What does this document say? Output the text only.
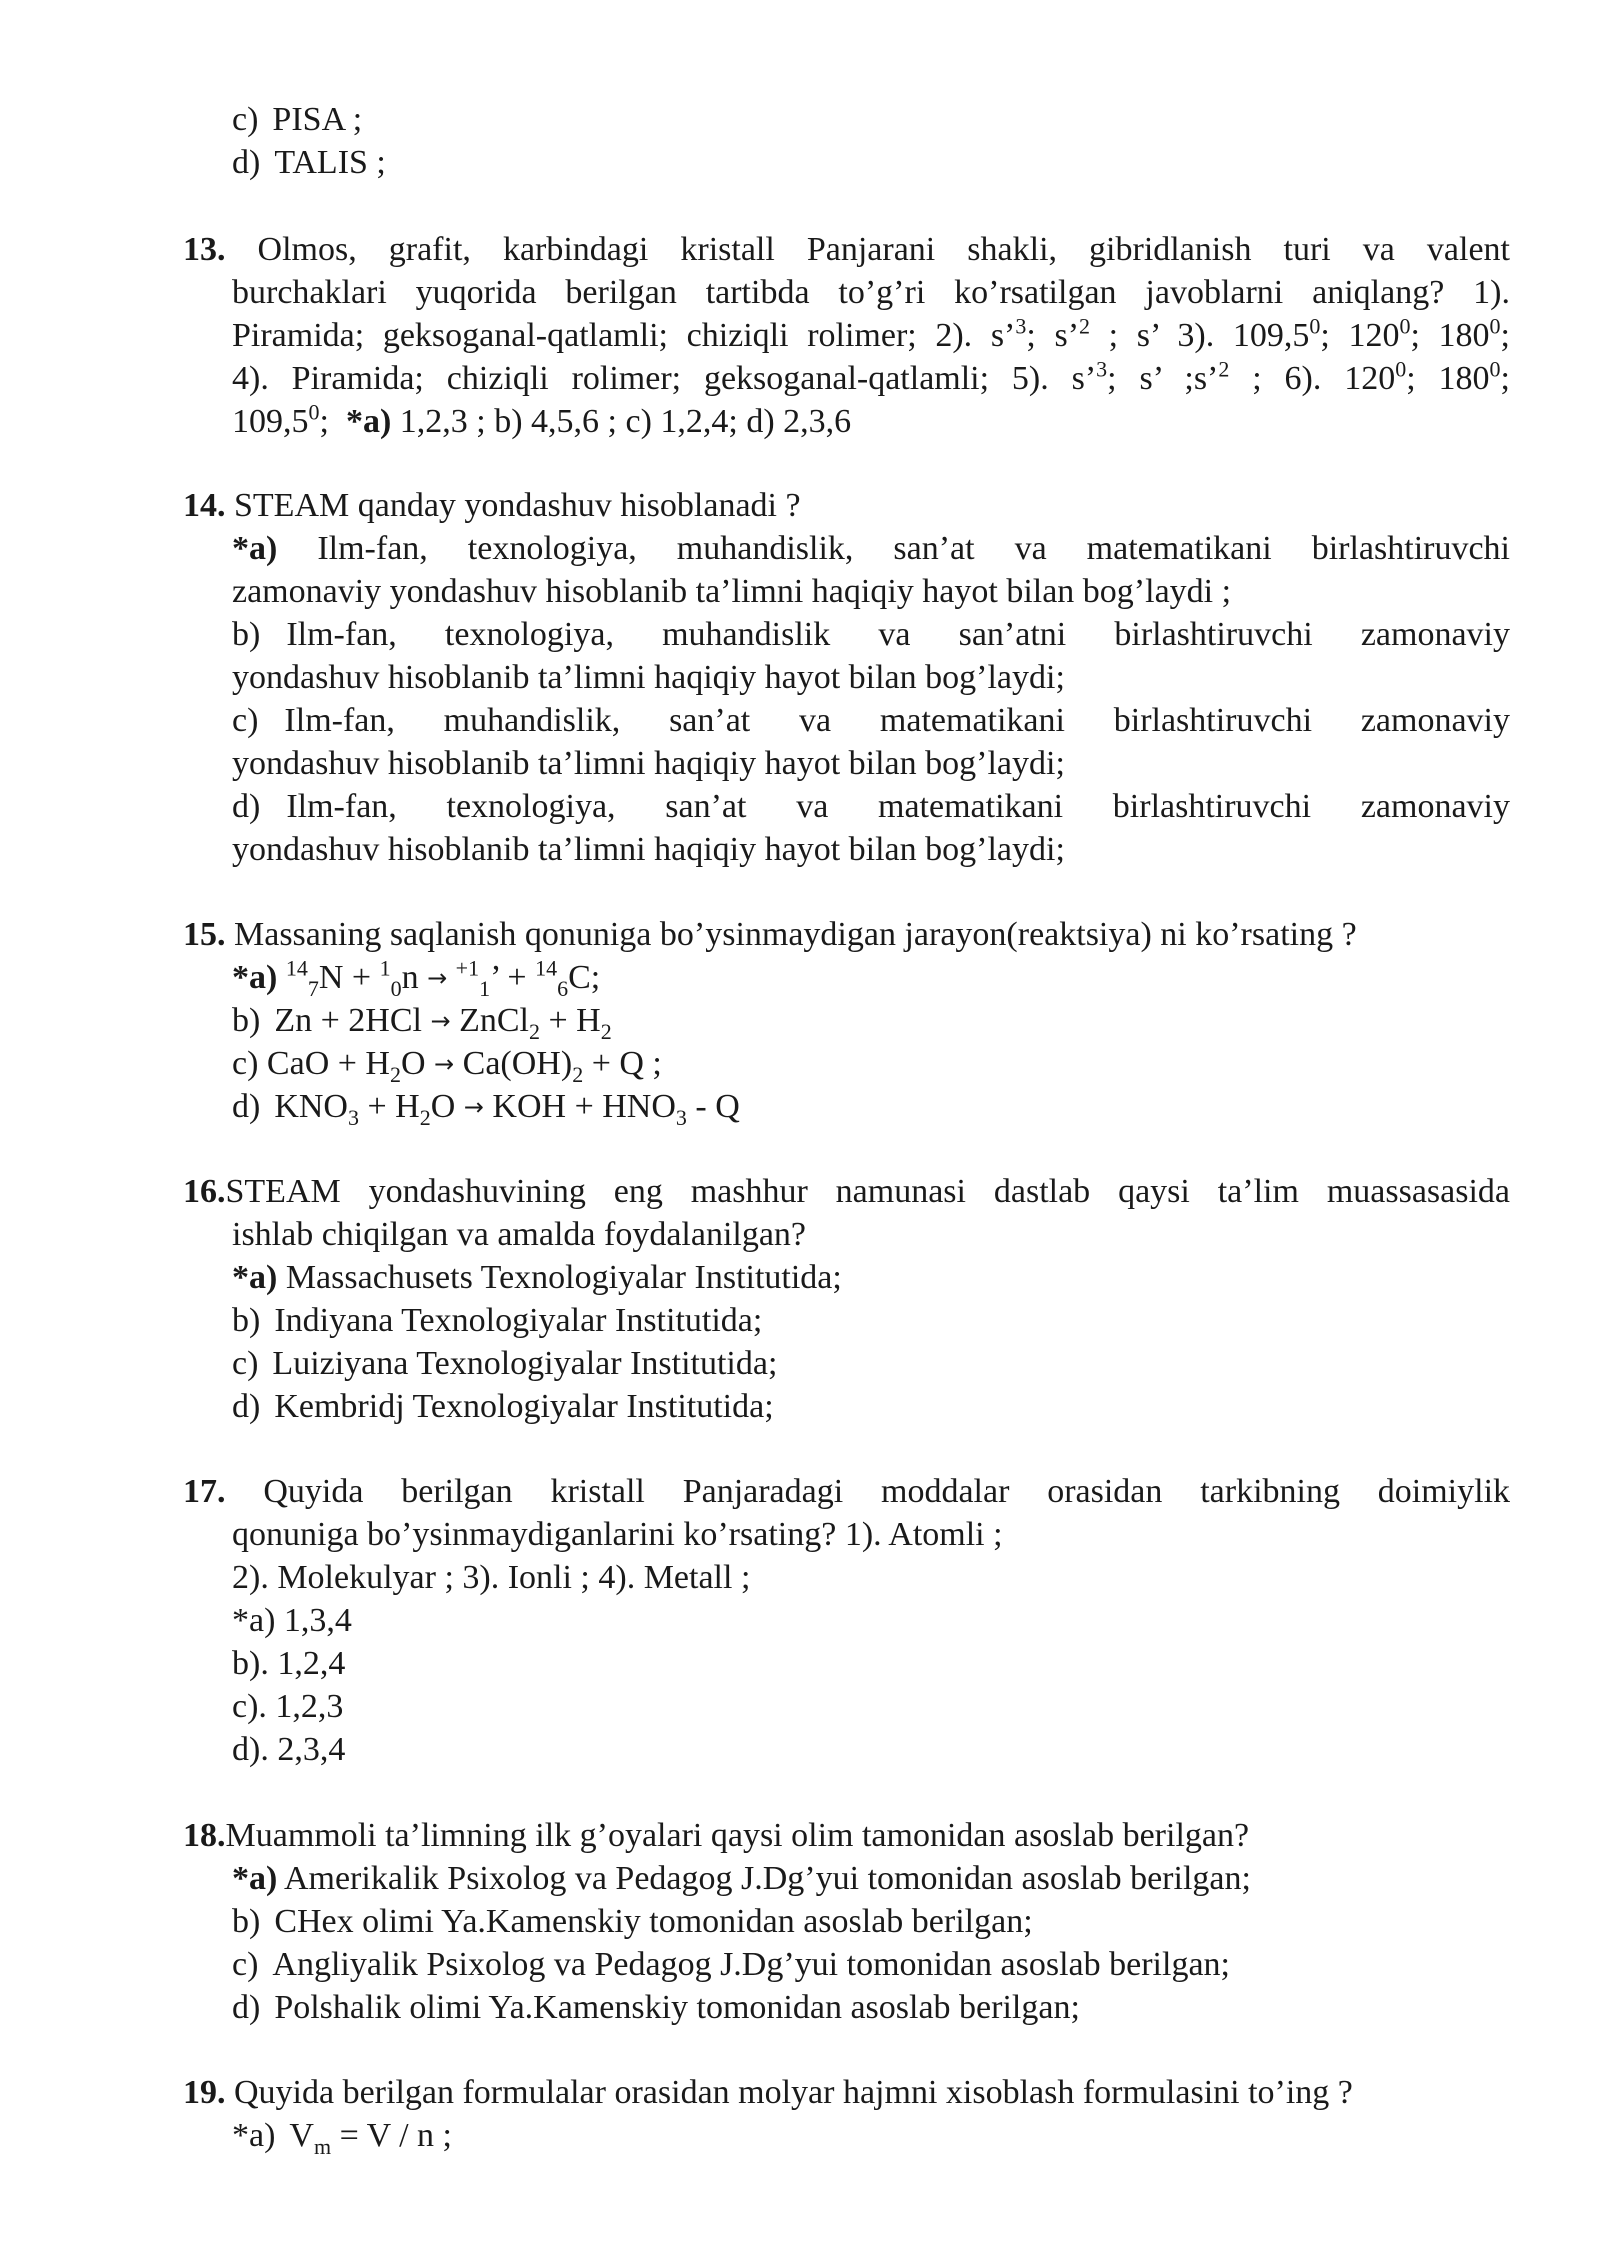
c) PISA ;
d) TALIS ;
13. Olmos, grafit, karbindagi kristall Panjarani shakli, gibridlanish turi va valent
burchaklari yuqorida berilgan tartibda to’g’ri ko’rsatilgan javoblarni aniqlang? 1).
Piramida; geksoganal-qatlamli; chiziqli rolimer; 2). s’$^3$; s’$^2$ ; s’ 3). 109,5$^0$; $120^0$; $180^0$;
4). Piramida; chiziqli rolimer; geksoganal-qatlamli; 5). s’$^3$; s’ ;s’$^2$ ; 6). $120^0$; $180^0$;
109,5$^0$; *a) 1,2,3 ; b) 4,5,6 ; c) 1,2,4; d) 2,3,6
14. STEAM qanday yondashuv hisoblanadi ?
*a) Ilm-fan, texnologiya, muhandislik, san’at va matematikani birlashtiruvchi
zamonaviy yondashuv hisoblanib ta’limni haqiqiy hayot bilan bog’laydi ;
b) Ilm-fan, texnologiya, muhandislik va san’atni birlashtiruvchi zamonaviy
yondashuv hisoblanib ta’limni haqiqiy hayot bilan bog’laydi;
c) Ilm-fan, muhandislik, san’at va matematikani birlashtiruvchi zamonaviy
yondashuv hisoblanib ta’limni haqiqiy hayot bilan bog’laydi;
d) Ilm-fan, texnologiya, san’at va matematikani birlashtiruvchi zamonaviy
yondashuv hisoblanib ta’limni haqiqiy hayot bilan bog’laydi;
15. Massaning saqlanish qonuniga bo’ysinmaydigan jarayon(reaktsiya) ni ko’rsating ?
*a) $^{14}_7$N + $^1_0$n → $^{+1}_1$’ + $^{14}_6$C;
b) Zn + 2HCl → ZnCl$_2$ + $H_2$
c) CaO + $H_2O \to Ca(OH)_2 + Q$ ;
d) $KNO_3 + H_2O$ → KOH + $HNO_3$ - Q
16.STEAM yondashuvining eng mashhur namunasi dastlab qaysi ta’lim muassasasida
ishlab chiqilgan va amalda foydalanilgan?
*a) Massachusets Texnologiyalar Institutida;
b) Indiyana Texnologiyalar Institutida;
c) Luiziyana Texnologiyalar Institutida;
d) Kembridj Texnologiyalar Institutida;
17. Quyida berilgan kristall Panjaradagi moddalar orasidan tarkibning doimiylik
qonuniga bo’ysinmaydiganlarini ko’rsating? 1). Atomli ;
2). Molekulyar ; 3). Ionli ; 4). Metall ;
*a) 1,3,4
b). 1,2,4
c). 1,2,3
d). 2,3,4
18.Muammoli ta’limning ilk g’oyalari qaysi olim tamonidan asoslab berilgan?
*a) Amerikalik Psixolog va Pedagog J.Dg’yui tomonidan asoslab berilgan;
b) CHex olimi Ya.Kamenskiy tomonidan asoslab berilgan;
c) Angliyalik Psixolog va Pedagog J.Dg’yui tomonidan asoslab berilgan;
d) Polshalik olimi Ya.Kamenskiy tomonidan asoslab berilgan;
19. Quyida berilgan formulalar orasidan molyar hajmni xisoblash formulasini to’ing ?
*a) $V_m = V / n$ ;
